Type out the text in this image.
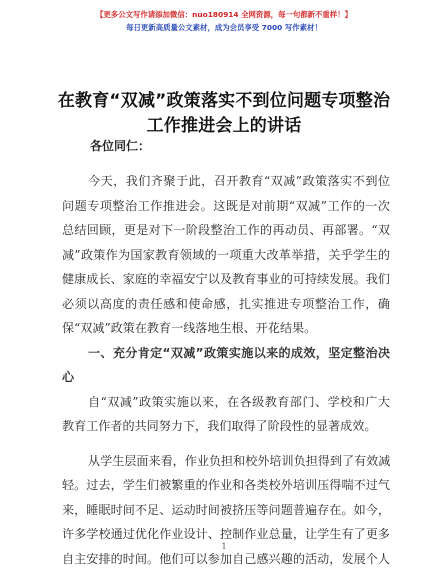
【更多公文写作请添加微信：nuo180914 全网资源，每一句都新不重样！】
每日更新高质量公文素材，成为会员享受 7000 写作素材！
在教育“双减”政策落实不到位问题专项整治
工作推进会上的讲话
各位同仁：
今天，我们齐聚于此，召开教育“双减”政策落实不到位
问题专项整治工作推进会。这既是对前期“双减”工作的一次
总结回顾，更是对下一阶段整治工作的再动员、再部署。“双
减”政策作为国家教育领域的一项重大改革举措，关乎学生的
健康成长、家庭的幸福安宁以及教育事业的可持续发展。我们
必须以高度的责任感和使命感，扎实推进专项整治工作，确
保“双减”政策在教育一线落地生根、开花结果。
一、充分肯定“双减”政策实施以来的成效，坚定整治决
心
自“双减”政策实施以来，在各级教育部门、学校和广大
教育工作者的共同努力下，我们取得了阶段性的显著成效。
从学生层面来看，作业负担和校外培训负担得到了有效减
轻。过去，学生们被繁重的作业和各类校外培训压得喘不过气
来，睡眠时间不足、运动时间被挤压等问题普遍存在。如今，
许多学校通过优化作业设计、控制作业总量，让学生有了更多
自主安排的时间。他们可以参加自己感兴趣的活动，发展个人
1
